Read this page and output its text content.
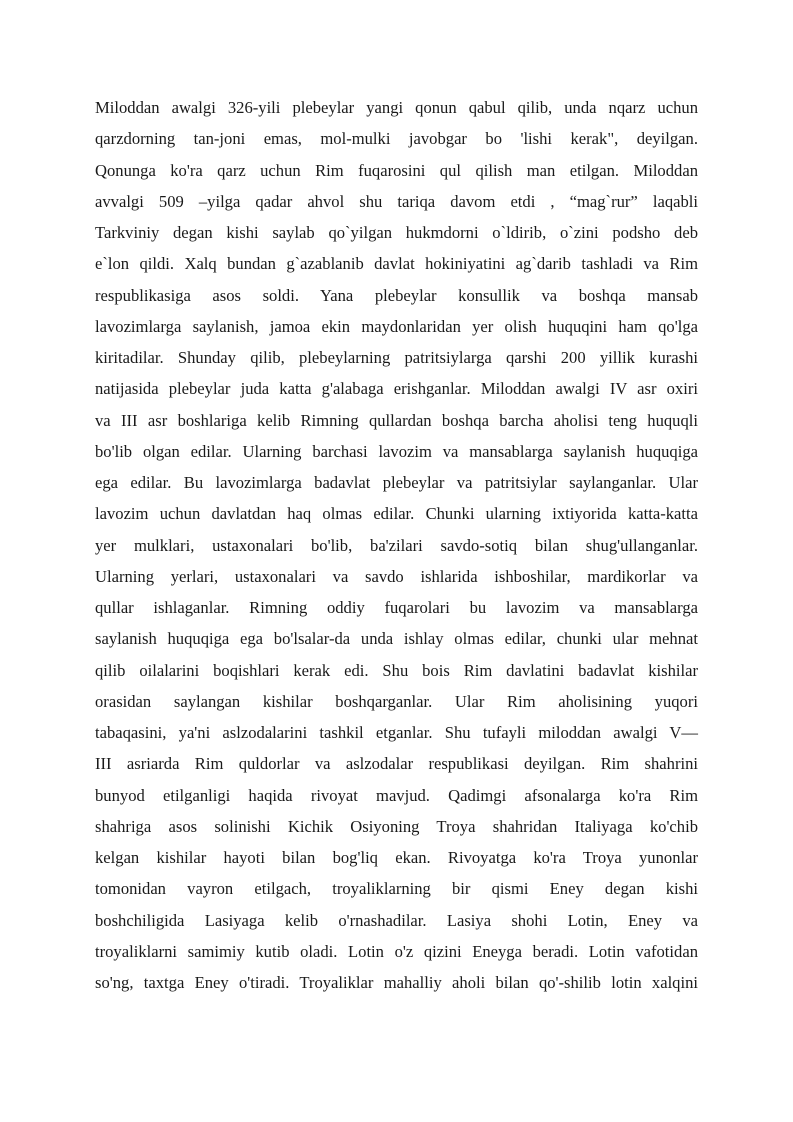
Miloddan awalgi 326-yili plebeylar yangi qonun qabul qilib, unda nqarz uchun
qarzdorning tan-joni emas, mol-mulki javobgar bo 'lishi kerak", deyilgan.
Qonunga ko'ra qarz uchun Rim fuqarosini qul qilish man etilgan. Miloddan
avvalgi 509 –yilga qadar ahvol shu tariqa davom etdi , “mag`rur” laqabli
Tarkviniy degan kishi saylab qo`yilgan hukmdorni o`ldirib, o`zini podsho deb
e`lon qildi. Xalq bundan g`azablanib davlat hokiniyatini ag`darib tashladi va Rim
respublikasiga asos soldi. Yana plebeylar konsullik va boshqa mansab
lavozimlarga saylanish, jamoa ekin maydonlaridan yer olish huquqini ham qo'lga
kiritadilar. Shunday qilib, plebeylarning patritsiylarga qarshi 200 yillik kurashi
natijasida plebeylar juda katta g'alabaga erishganlar. Miloddan awalgi IV asr oxiri
va III asr boshlariga kelib Rimning qullardan boshqa barcha aholisi teng huquqli
bo'lib olgan edilar. Ularning barchasi lavozim va mansablarga saylanish huquqiga
ega edilar. Bu lavozimlarga badavlat plebeylar va patritsiylar saylanganlar. Ular
lavozim uchun davlatdan haq olmas edilar. Chunki ularning ixtiyorida katta-katta
yer mulklari, ustaxonalari bo'lib, ba'zilari savdo-sotiq bilan shug'ullanganlar.
Ularning yerlari, ustaxonalari va savdo ishlarida ishboshilar, mardikorlar va
qullar ishlaganlar. Rimning oddiy fuqarolari bu lavozim va mansablarga
saylanish huquqiga ega bo'lsalar-da unda ishlay olmas edilar, chunki ular mehnat
qilib oilalarini boqishlari kerak edi. Shu bois Rim davlatini badavlat kishilar
orasidan saylangan kishilar boshqarganlar. Ular Rim aholisining yuqori
tabaqasini, ya'ni aslzodalarini tashkil etganlar. Shu tufayli miloddan awalgi V—
III asriarda Rim quldorlar va aslzodalar respublikasi deyilgan. Rim shahrini
bunyod etilganligi haqida rivoyat mavjud. Qadimgi afsonalarga ko'ra Rim
shahriga asos solinishi Kichik Osiyoning Troya shahridan Italiyaga ko'chib
kelgan kishilar hayoti bilan bog'liq ekan. Rivoyatga ko'ra Troya yunonlar
tomonidan vayron etilgach, troyaliklarning bir qismi Eney degan kishi
boshchiligida Lasiyaga kelib o'rnashadilar. Lasiya shohi Lotin, Eney va
troyaliklarni samimiy kutib oladi. Lotin o'z qizini Eneyga beradi. Lotin vafotidan
so'ng, taxtga Eney o'tiradi. Troyaliklar mahalliy aholi bilan qo'-shilib lotin xalqini
